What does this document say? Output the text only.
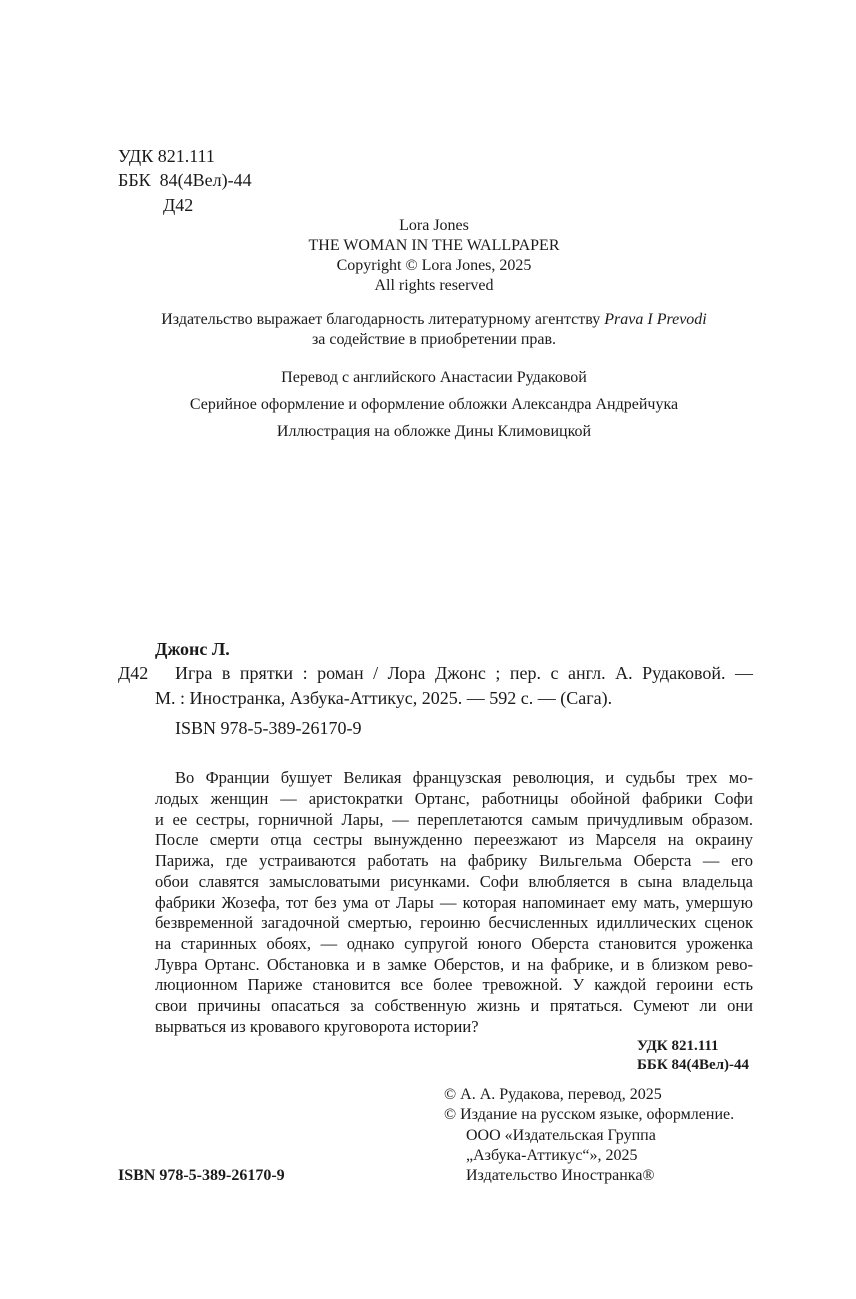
УДК 821.111
ББК  84(4Вел)-44
Д42
Lora Jones
THE WOMAN IN THE WALLPAPER
Copyright © Lora Jones, 2025
All rights reserved
Издательство выражает благодарность литературному агентству Prava I Prevodi
за содействие в приобретении прав.
Перевод с английского Анастасии Рудаковой
Серийное оформление и оформление обложки Александра Андрейчука
Иллюстрация на обложке Дины Климовицкой
Джонс Л.
Д42 Игра в прятки : роман / Лора Джонс ; пер. с англ. А. Рудаковой. —
М. : Иностранка, Азбука-Аттикус, 2025. — 592 с. — (Сага).
ISBN 978-5-389-26170-9
Во Франции бушует Великая французская революция, и судьбы трех мо-
лодых женщин — аристократки Ортанс, работницы обойной фабрики Софи
и ее сестры, горничной Лары, — переплетаются самым причудливым образом.
После смерти отца сестры вынужденно переезжают из Марселя на окраину
Парижа, где устраиваются работать на фабрику Вильгельма Оберста — его
обои славятся замысловатыми рисунками. Софи влюбляется в сына владельца
фабрики Жозефа, тот без ума от Лары — которая напоминает ему мать, умершую
безвременной загадочной смертью, героиню бесчисленных идиллических сценок
на старинных обоях, — однако супругой юного Оберста становится уроженка
Лувра Ортанс. Обстановка и в замке Оберстов, и на фабрике, и в близком рево-
люционном Париже становится все более тревожной. У каждой героини есть
свои причины опасаться за собственную жизнь и прятаться. Сумеют ли они
вырваться из кровавого круговорота истории?
УДК 821.111
ББК 84(4Вел)-44
© А. А. Рудакова, перевод, 2025
© Издание на русском языке, оформление.
ООО «Издательская Группа
„Азбука-Аттикус“», 2025
Издательство Иностранка®
ISBN 978-5-389-26170-9
